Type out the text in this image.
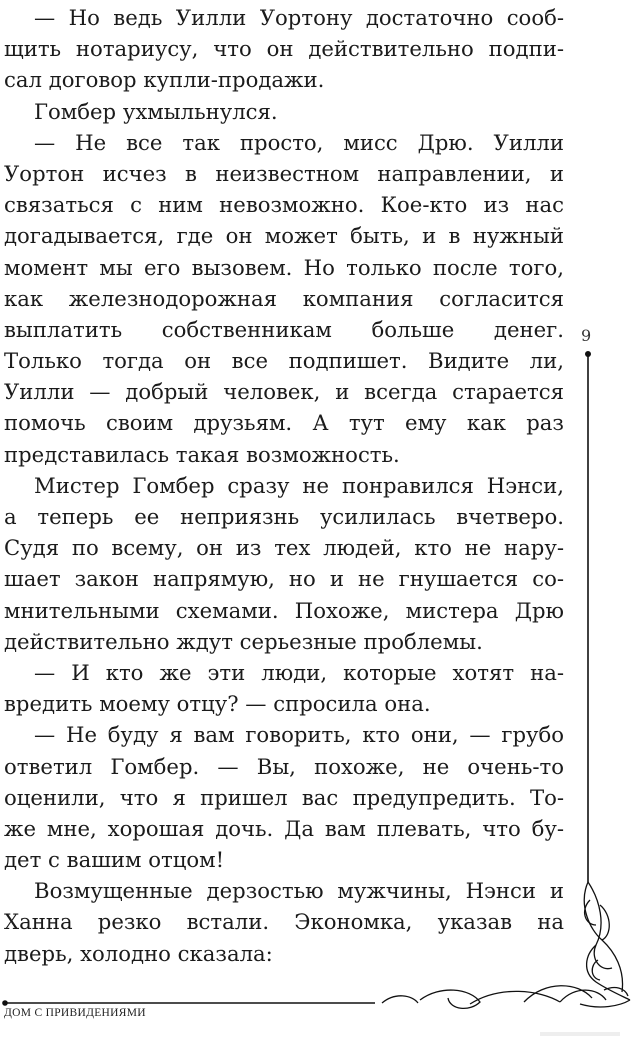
— Но ведь Уилли Уортону достаточно сооб-
щить нотариусу, что он действительно подпи-
сал договор купли-продажи.
Гомбер ухмыльнулся.
— Не все так просто, мисс Дрю. Уилли
Уортон исчез в неизвестном направлении, и
связаться с ним невозможно. Кое-кто из нас
догадывается, где он может быть, и в нужный
момент мы его вызовем. Но только после того,
как железнодорожная компания согласится
выплатить собственникам больше денег.
Только тогда он все подпишет. Видите ли,
Уилли — добрый человек, и всегда старается
помочь своим друзьям. А тут ему как раз
представилась такая возможность.
Мистер Гомбер сразу не понравился Нэнси,
а теперь ее неприязнь усилилась вчетверо.
Судя по всему, он из тех людей, кто не нару-
шает закон напрямую, но и не гнушается со-
мнительными схемами. Похоже, мистера Дрю
действительно ждут серьезные проблемы.
— И кто же эти люди, которые хотят на-
вредить моему отцу? — спросила она.
— Не буду я вам говорить, кто они, — грубо
ответил Гомбер. — Вы, похоже, не очень-то
оценили, что я пришел вас предупредить. То-
же мне, хорошая дочь. Да вам плевать, что бу-
дет с вашим отцом!
Возмущенные дерзостью мужчины, Нэнси и
Ханна резко встали. Экономка, указав на
дверь, холодно сказала:
9
ДОМ С ПРИВИДЕНИЯМИ
